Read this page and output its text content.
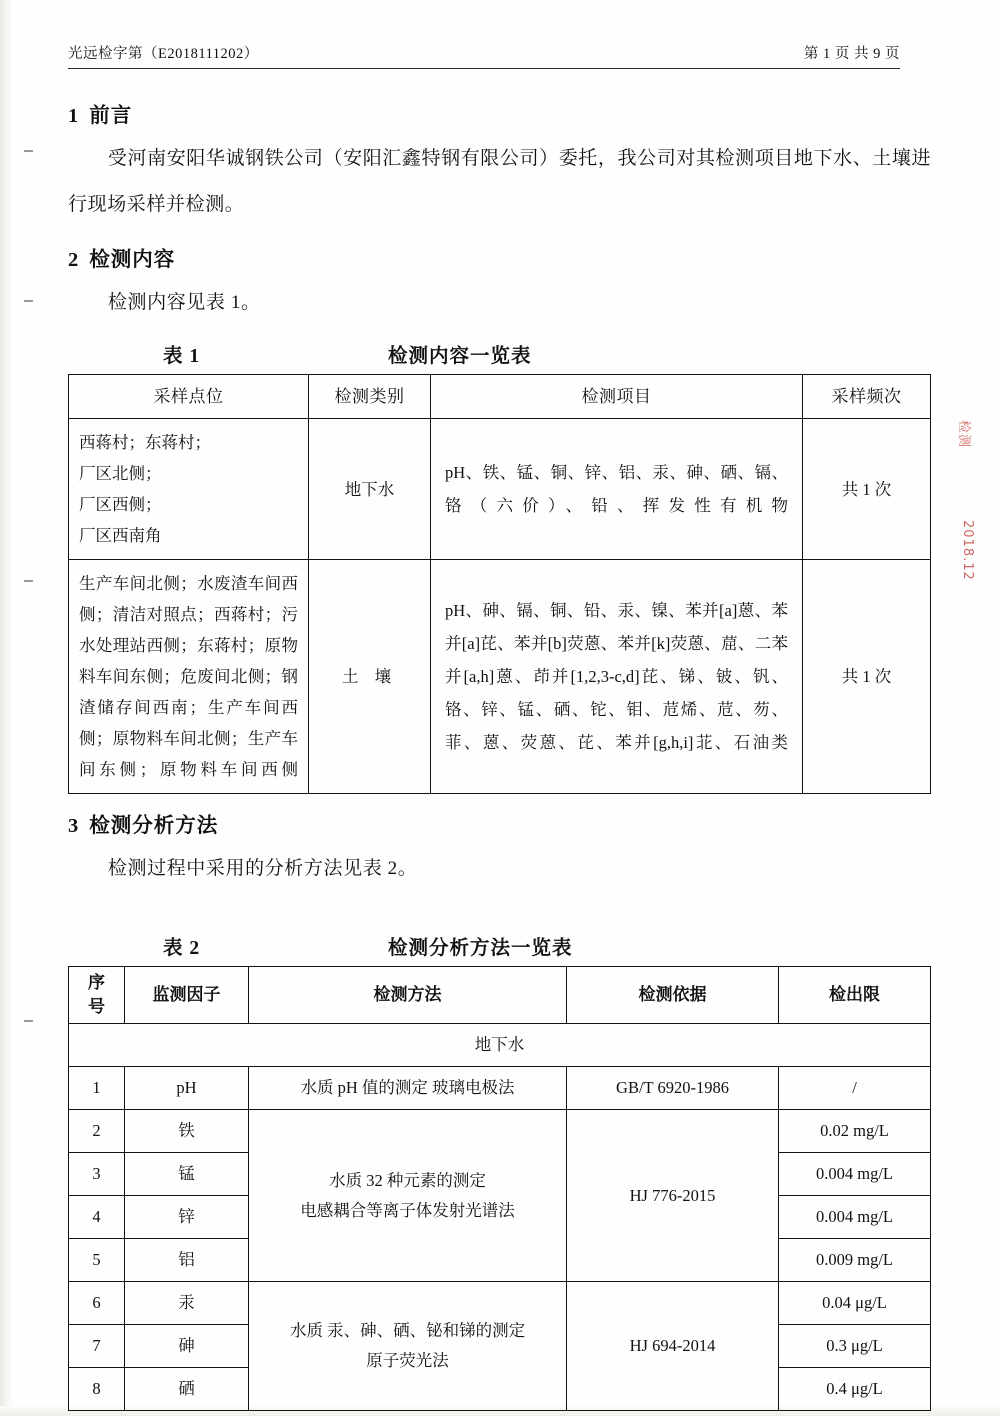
光远检字第（E2018111202）	第 1 页 共 9 页
1 前言

受河南安阳华诚钢铁公司（安阳汇鑫特钢有限公司）委托，我公司对其检测项目地下水、土壤进行现场采样并检测。

2 检测内容

检测内容见表 1。

表 1	检测内容一览表
采样点位	检测类别	检测项目	采样频次
西蒋村；东蒋村；
厂区北侧；
厂区西侧；
厂区西南角	地下水	pH、铁、锰、铜、锌、铝、汞、砷、硒、镉、铬（六价）、铅、挥发性有机物	共 1 次
生产车间北侧；水废渣车间西侧；清洁对照点；西蒋村；污水处理站西侧；东蒋村；原物料车间东侧；危废间北侧；钢渣储存间西南；生产车间西侧；原物料车间北侧；生产车间东侧；原物料车间西侧	土 壤	pH、砷、镉、铜、铅、汞、镍、苯并[a]蒽、苯并[a]芘、苯并[b]荧蒽、苯并[k]荧蒽、䓛、二苯并[a,h]蒽、茚并[1,2,3-c,d]芘、锑、铍、钒、铬、锌、锰、硒、铊、钼、苊烯、苊、芴、菲、蒽、荧蒽、芘、苯并[g,h,i]苝、石油类	共 1 次
3 检测分析方法

检测过程中采用的分析方法见表 2。

表 2	检测分析方法一览表
序
号	监测因子	检测方法	检测依据	检出限
地下水				
1	pH	水质 pH 值的测定 玻璃电极法	GB/T 6920-1986	/
2	铁	水质 32 种元素的测定
电感耦合等离子体发射光谱法	HJ 776-2015	0.02 mg/L
3	锰			0.004 mg/L
4	锌			0.004 mg/L
5	铝			0.009 mg/L
6	汞	水质 汞、砷、硒、铋和锑的测定
原子荧光法	HJ 694-2014	0.04 μg/L
7	砷			0.3 μg/L
8	硒			0.4 μg/L
检测
2018.12
